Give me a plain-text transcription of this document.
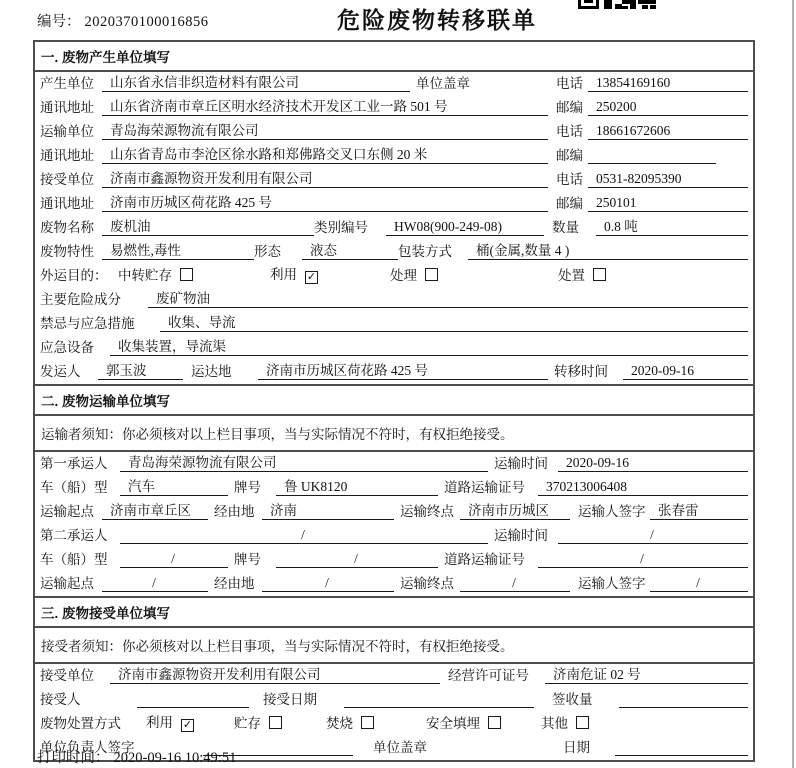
编号： 2020370100016856	危险废物转移联单
一. 废物产生单位填写
产生单位	山东省永信非织造材料有限公司	单位盖章	电话 13854169160
通讯地址	山东省济南市章丘区明水经济技术开发区工业一路 501 号	邮编 250200
运输单位	青岛海荣源物流有限公司	电话 18661672606
通讯地址	山东省青岛市李沧区徐水路和郑佛路交叉口东侧 20 米	邮编
接受单位	济南市鑫源物资开发利用有限公司	电话 0531-82095390
通讯地址	济南市历城区荷花路 425 号	邮编 250101
废物名称	废机油	类别编号	HW08(900-249-08)	数量	0.8 吨
废物特性	易燃性,毒性	形态	液态	包装方式	桶(金属,数量 4 )
外运目的： 中转贮存	利用 ✓	处理	处置
主要危险成分	废矿物油
禁忌与应急措施	收集、导流
应急设备	收集装置，导流渠
发运人	郭玉波	运达地	济南市历城区荷花路 425 号	转移时间	2020-09-16
二. 废物运输单位填写
运输者须知：你必须核对以上栏目事项，当与实际情况不符时，有权拒绝接受。
第一承运人	青岛海荣源物流有限公司	运输时间	2020-09-16
车（船）型	汽车	牌号	鲁 UK8120	道路运输证号	370213006408
运输起点	济南市章丘区	经由地	济南	运输终点	济南市历城区	运输人签字 张春雷
第二承运人	/	运输时间	/
车（船）型	/	牌号	/	道路运输证号	/
运输起点	/	经由地	/	运输终点	/	运输人签字	/
三. 废物接受单位填写
接受者须知：你必须核对以上栏目事项，当与实际情况不符时，有权拒绝接受。
接受单位	济南市鑫源物资开发利用有限公司	经营许可证号	济南危证 02 号
接受人	接受日期	签收量
废物处置方式	利用 ✓	贮存	焚烧	安全填埋	其他
单位负责人签字	单位盖章	日期
打印时间： 2020-09-16 10:49:51
